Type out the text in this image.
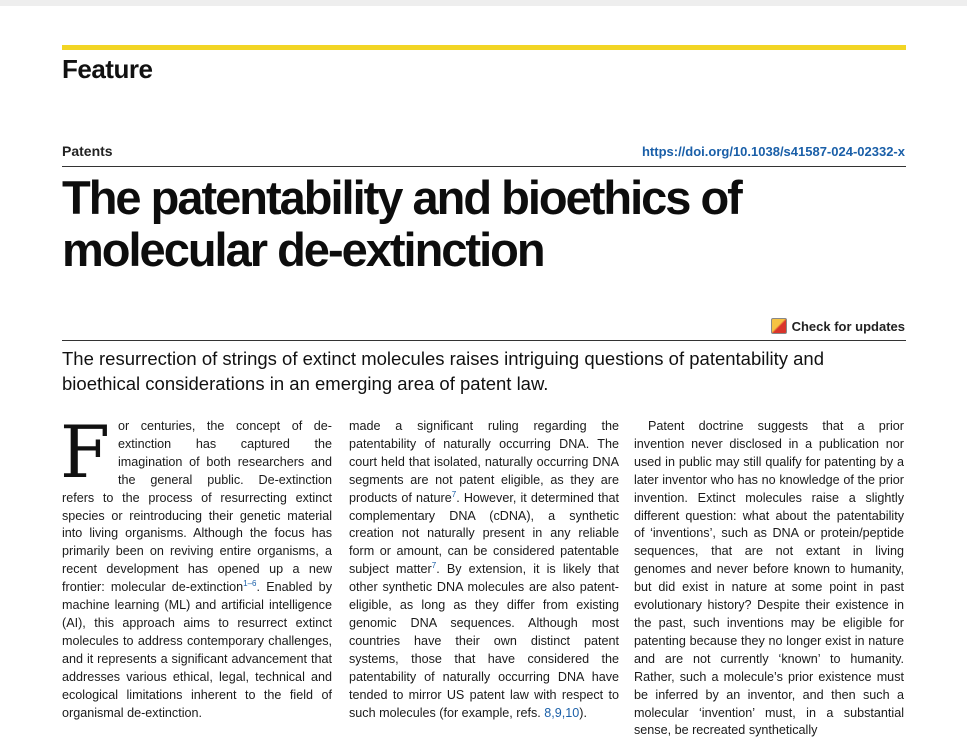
Feature
Patents	https://doi.org/10.1038/s41587-024-02332-x
The patentability and bioethics of molecular de-extinction
Check for updates

The resurrection of strings of extinct molecules raises intriguing questions of patentability and bioethical considerations in an emerging area of patent law.

For centuries, the concept of de-extinction has captured the imagination of both researchers and the general public. De-extinction refers to the process of resurrecting extinct species or reintroducing their genetic material into living organisms. Although the focus has primarily been on reviving entire organisms, a recent development has opened up a new frontier: molecular de-extinction$^{1-6}$. Enabled by machine learning (ML) and artificial intelligence (AI), this approach aims to resurrect extinct molecules to address contemporary challenges, and it represents a significant advancement that addresses various ethical, legal, technical and ecological limitations inherent to the field of organismal de-extinction.

made a significant ruling regarding the patentability of naturally occurring DNA. The court held that isolated, naturally occurring DNA segments are not patent eligible, as they are products of nature$^7$. However, it determined that complementary DNA (cDNA), a synthetic creation not naturally present in any reliable form or amount, can be considered patentable subject matter$^7$. By extension, it is likely that other synthetic DNA molecules are also patent-eligible, as long as they differ from existing genomic DNA sequences. Although most countries have their own distinct patent systems, those that have considered the patentability of naturally occurring DNA have tended to mirror US patent law with respect to such molecules (for example, refs. 8,9,10).

Patent doctrine suggests that a prior invention never disclosed in a publication nor used in public may still qualify for patenting by a later inventor who has no knowledge of the prior invention. Extinct molecules raise a slightly different question: what about the patentability of ‘inventions’, such as DNA or protein/peptide sequences, that are not extant in living genomes and never before known to humanity, but did exist in nature at some point in past evolutionary history? Despite their existence in the past, such inventions may be eligible for patenting because they no longer exist in nature and are not currently ‘known’ to humanity. Rather, such a molecule’s prior existence must be inferred by an inventor, and then such a molecular ‘invention’ must, in a substantial sense, be recreated synthetically
